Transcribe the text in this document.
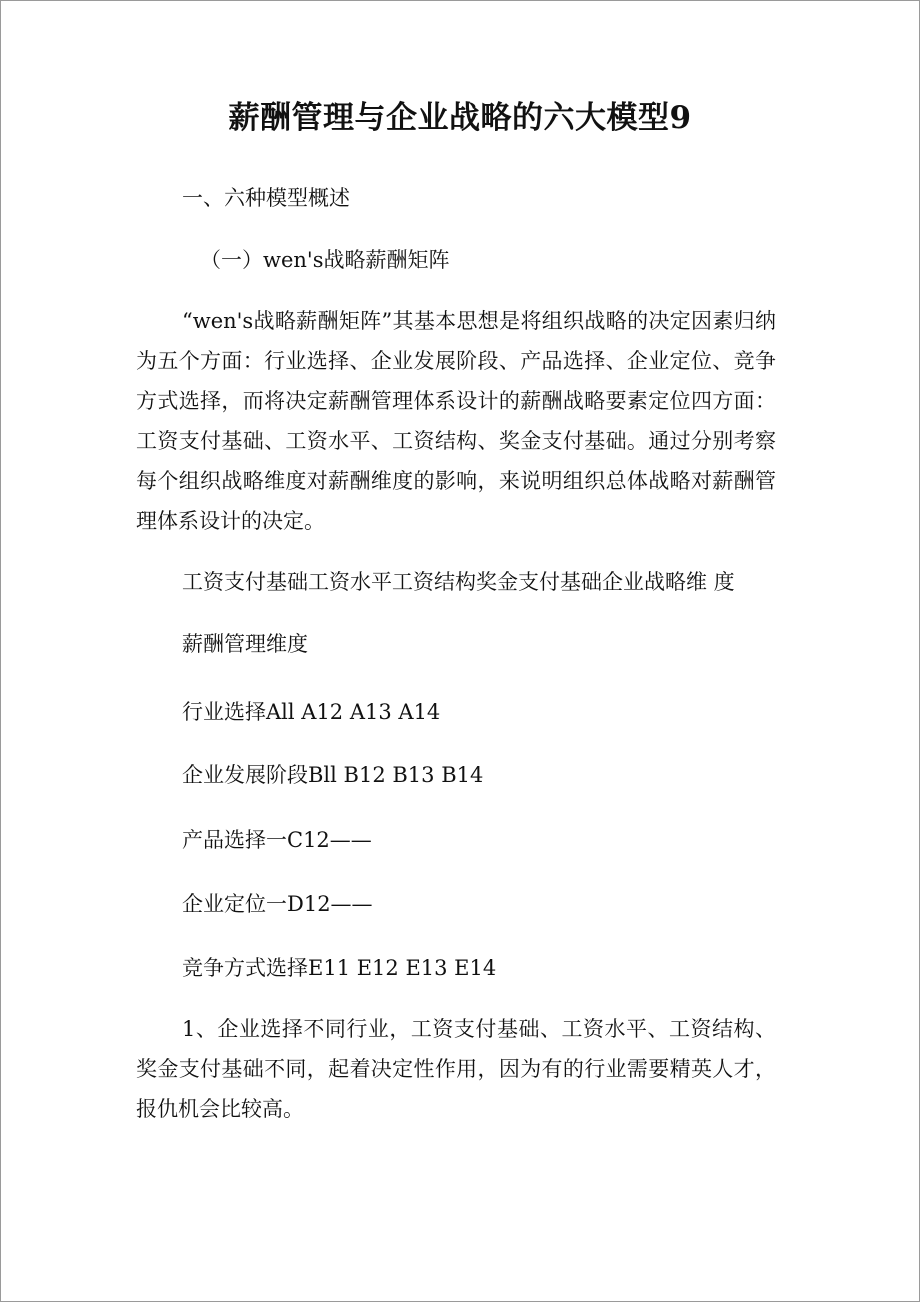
薪酬管理与企业战略的六大模型9

一、六种模型概述

（一）wen's战略薪酬矩阵

“wen's战略薪酬矩阵”其基本思想是将组织战略的决定因素归纳为五个方面：行业选择、企业发展阶段、产品选择、企业定位、竞争方式选择，而将决定薪酬管理体系设计的薪酬战略要素定位四方面：工资支付基础、工资水平、工资结构、奖金支付基础。通过分别考察每个组织战略维度对薪酬维度的影响，来说明组织总体战略对薪酬管理体系设计的决定。

工资支付基础工资水平工资结构奖金支付基础企业战略维 度

薪酬管理维度

行业选择All A12 A13 A14

企业发展阶段Bll B12 B13 B14

产品选择一C12——

企业定位一D12——

竞争方式选择E11 E12 E13 E14

1、企业选择不同行业，工资支付基础、工资水平、工资结构、奖金支付基础不同，起着决定性作用，因为有的行业需要精英人才，报仇机会比较高。
